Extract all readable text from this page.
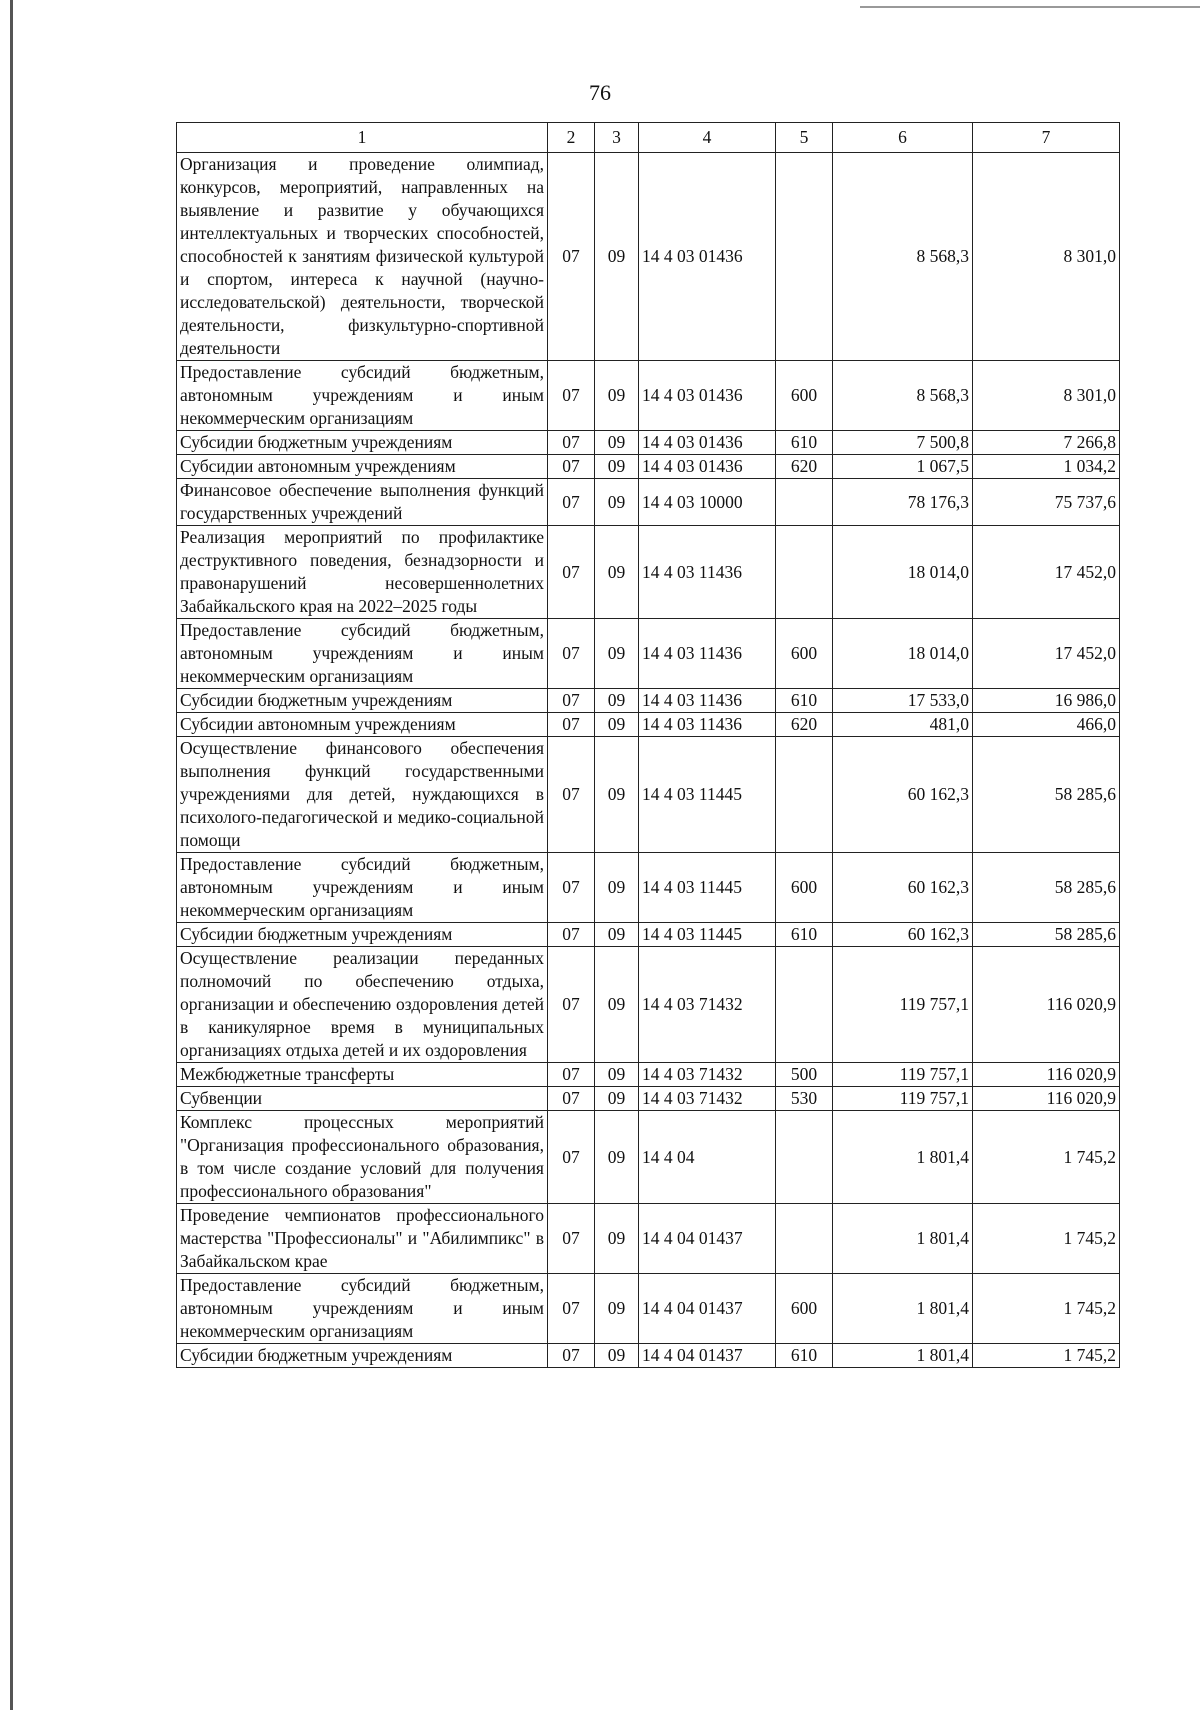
76
1	2	3	4	5	6	7
Организация и проведение олимпиад, конкурсов, мероприятий, направленных на выявление и развитие у обучающихся интеллектуальных и творческих способностей, способностей к занятиям физической культурой и спортом, интереса к научной (научно-исследовательской) деятельности, творческой деятельности, физкультурно-спортивной деятельности	07	09	14 4 03 01436		8 568,3	8 301,0
Предоставление субсидий бюджетным, автономным учреждениям и иным некоммерческим организациям	07	09	14 4 03 01436	600	8 568,3	8 301,0
Субсидии бюджетным учреждениям	07	09	14 4 03 01436	610	7 500,8	7 266,8
Субсидии автономным учреждениям	07	09	14 4 03 01436	620	1 067,5	1 034,2
Финансовое обеспечение выполнения функций государственных учреждений	07	09	14 4 03 10000		78 176,3	75 737,6
Реализация мероприятий по профилактике деструктивного поведения, безнадзорности и правонарушений несовершеннолетних Забайкальского края на 2022–2025 годы	07	09	14 4 03 11436		18 014,0	17 452,0
Предоставление субсидий бюджетным, автономным учреждениям и иным некоммерческим организациям	07	09	14 4 03 11436	600	18 014,0	17 452,0
Субсидии бюджетным учреждениям	07	09	14 4 03 11436	610	17 533,0	16 986,0
Субсидии автономным учреждениям	07	09	14 4 03 11436	620	481,0	466,0
Осуществление финансового обеспечения выполнения функций государственными учреждениями для детей, нуждающихся в психолого-педагогической и медико-социальной помощи	07	09	14 4 03 11445		60 162,3	58 285,6
Предоставление субсидий бюджетным, автономным учреждениям и иным некоммерческим организациям	07	09	14 4 03 11445	600	60 162,3	58 285,6
Субсидии бюджетным учреждениям	07	09	14 4 03 11445	610	60 162,3	58 285,6
Осуществление реализации переданных полномочий по обеспечению отдыха, организации и обеспечению оздоровления детей в каникулярное время в муниципальных организациях отдыха детей и их оздоровления	07	09	14 4 03 71432		119 757,1	116 020,9
Межбюджетные трансферты	07	09	14 4 03 71432	500	119 757,1	116 020,9
Субвенции	07	09	14 4 03 71432	530	119 757,1	116 020,9
Комплекс процессных мероприятий "Организация профессионального образования, в том числе создание условий для получения профессионального образования"	07	09	14 4 04		1 801,4	1 745,2
Проведение чемпионатов профессионального мастерства "Профессионалы" и "Абилимпикс" в Забайкальском крае	07	09	14 4 04 01437		1 801,4	1 745,2
Предоставление субсидий бюджетным, автономным учреждениям и иным некоммерческим организациям	07	09	14 4 04 01437	600	1 801,4	1 745,2
Субсидии бюджетным учреждениям	07	09	14 4 04 01437	610	1 801,4	1 745,2
